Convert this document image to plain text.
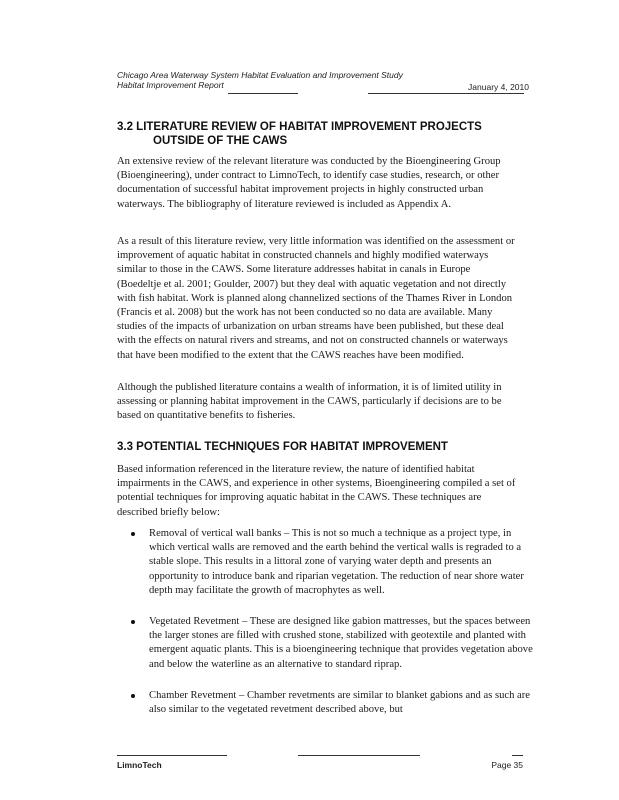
Chicago Area Waterway System Habitat Evaluation and Improvement Study
Habitat Improvement Report	January 4, 2010
3.2 LITERATURE REVIEW OF HABITAT IMPROVEMENT PROJECTS
OUTSIDE OF THE CAWS

An extensive review of the relevant literature was conducted by the Bioengineering Group (Bioengineering), under contract to LimnoTech, to identify case studies, research, or other documentation of successful habitat improvement projects in highly constructed urban waterways. The bibliography of literature reviewed is included as Appendix A.

As a result of this literature review, very little information was identified on the assessment or improvement of aquatic habitat in constructed channels and highly modified waterways similar to those in the CAWS. Some literature addresses habitat in canals in Europe (Boedeltje et al. 2001; Goulder, 2007) but they deal with aquatic vegetation and not directly with fish habitat. Work is planned along channelized sections of the Thames River in London (Francis et al. 2008) but the work has not been conducted so no data are available. Many studies of the impacts of urbanization on urban streams have been published, but these deal with the effects on natural rivers and streams, and not on constructed channels or waterways that have been modified to the extent that the CAWS reaches have been modified.

Although the published literature contains a wealth of information, it is of limited utility in assessing or planning habitat improvement in the CAWS, particularly if decisions are to be based on quantitative benefits to fisheries.

3.3 POTENTIAL TECHNIQUES FOR HABITAT IMPROVEMENT

Based information referenced in the literature review, the nature of identified habitat impairments in the CAWS, and experience in other systems, Bioengineering compiled a set of potential techniques for improving aquatic habitat in the CAWS. These techniques are described briefly below:

Removal of vertical wall banks – This is not so much a technique as a project type, in which vertical walls are removed and the earth behind the vertical walls is regraded to a stable slope. This results in a littoral zone of varying water depth and presents an opportunity to introduce bank and riparian vegetation. The reduction of near shore water depth may facilitate the growth of macrophytes as well.
Vegetated Revetment – These are designed like gabion mattresses, but the spaces between the larger stones are filled with crushed stone, stabilized with geotextile and planted with emergent aquatic plants. This is a bioengineering technique that provides vegetation above and below the waterline as an alternative to standard riprap.
Chamber Revetment – Chamber revetments are similar to blanket gabions and as such are also similar to the vegetated revetment described above, but
LimnoTech	Page 35
